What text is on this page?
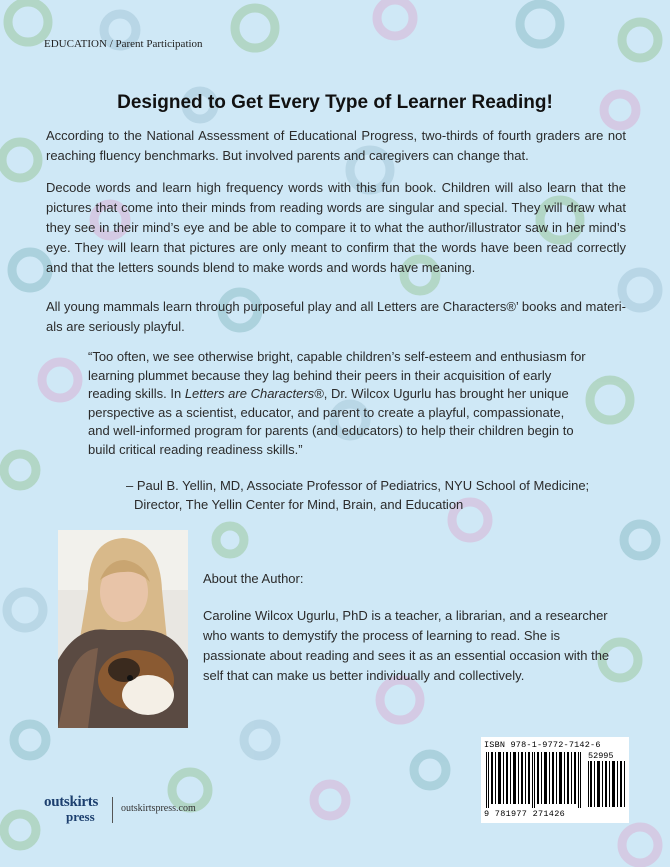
EDUCATION / Parent Participation
Designed to Get Every Type of Learner Reading!
According to the National Assessment of Educational Progress, two-thirds of fourth graders are not reaching fluency benchmarks. But involved parents and caregivers can change that.
Decode words and learn high frequency words with this fun book. Children will also learn that the pictures that come into their minds from reading words are singular and special. They will draw what they see in their mind’s eye and be able to compare it to what the author/illustrator saw in her mind’s eye. They will learn that pictures are only meant to confirm that the words have been read correctly and that the letters sounds blend to make words and words have meaning.
All young mammals learn through purposeful play and all Letters are Characters®’ books and materi-als are seriously playful.
“Too often, we see otherwise bright, capable children’s self-esteem and enthusiasm for learning plummet because they lag behind their peers in their acquisition of early reading skills. In Letters are Characters®, Dr. Wilcox Ugurlu has brought her unique perspective as a scientist, educator, and parent to create a playful, compassionate, and well-informed program for parents (and educators) to help their children begin to build critical reading readiness skills.”
– Paul B. Yellin, MD, Associate Professor of Pediatrics, NYU School of Medicine;
Director, The Yellin Center for Mind, Brain, and Education
About the Author:
Caroline Wilcox Ugurlu, PhD is a teacher, a librarian, and a researcher who wants to demystify the process of learning to read. She is passionate about reading and sees it as an essential occasion with the self that can make us better individually and collectively.
ISBN 978-1-9772-7142-6
52995
9 781977 271426
outskirts
press
outskirtspress.com
